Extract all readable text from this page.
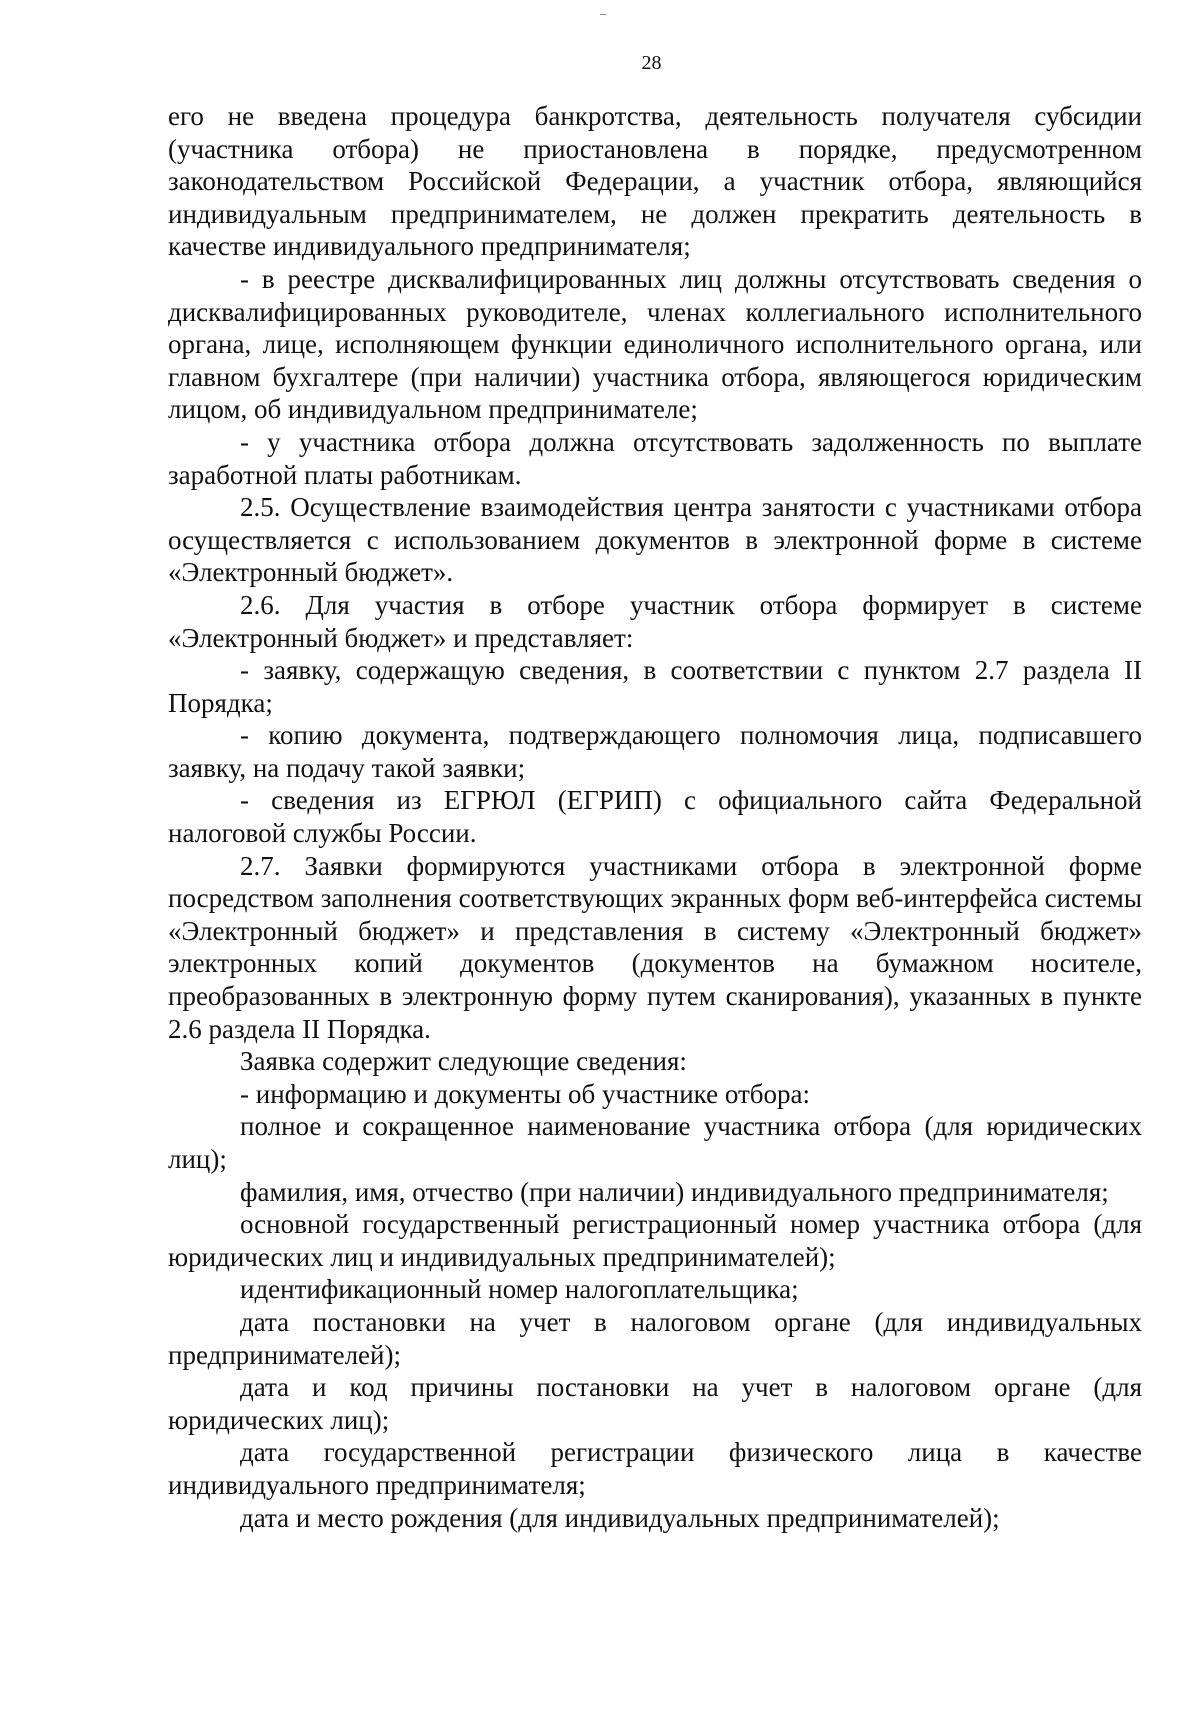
28

его не введена процедура банкротства, деятельность получателя субсидии (участника отбора) не приостановлена в порядке, предусмотренном законодательством Российской Федерации, а участник отбора, являющийся индивидуальным предпринимателем, не должен прекратить деятельность в качестве индивидуального предпринимателя;

- в реестре дисквалифицированных лиц должны отсутствовать сведения о дисквалифицированных руководителе, членах коллегиального исполнительного органа, лице, исполняющем функции единоличного исполнительного органа, или главном бухгалтере (при наличии) участника отбора, являющегося юридическим лицом, об индивидуальном предпринимателе;

- у участника отбора должна отсутствовать задолженность по выплате заработной платы работникам.

2.5. Осуществление взаимодействия центра занятости с участниками отбора осуществляется с использованием документов в электронной форме в системе «Электронный бюджет».

2.6. Для участия в отборе участник отбора формирует в системе «Электронный бюджет» и представляет:

- заявку, содержащую сведения, в соответствии с пунктом 2.7 раздела II Порядка;

- копию документа, подтверждающего полномочия лица, подписавшего заявку, на подачу такой заявки;

- сведения из ЕГРЮЛ (ЕГРИП) с официального сайта Федеральной налоговой службы России.

2.7. Заявки формируются участниками отбора в электронной форме посредством заполнения соответствующих экранных форм веб-интерфейса системы «Электронный бюджет» и представления в систему «Электронный бюджет» электронных копий документов (документов на бумажном носителе, преобразованных в электронную форму путем сканирования), указанных в пункте 2.6 раздела II Порядка.

Заявка содержит следующие сведения:

- информацию и документы об участнике отбора:

полное и сокращенное наименование участника отбора (для юридических лиц);

фамилия, имя, отчество (при наличии) индивидуального предпринимателя;

основной государственный регистрационный номер участника отбора (для юридических лиц и индивидуальных предпринимателей);

идентификационный номер налогоплательщика;

дата постановки на учет в налоговом органе (для индивидуальных предпринимателей);

дата и код причины постановки на учет в налоговом органе (для юридических лиц);

дата государственной регистрации физического лица в качестве индивидуального предпринимателя;

дата и место рождения (для индивидуальных предпринимателей);
